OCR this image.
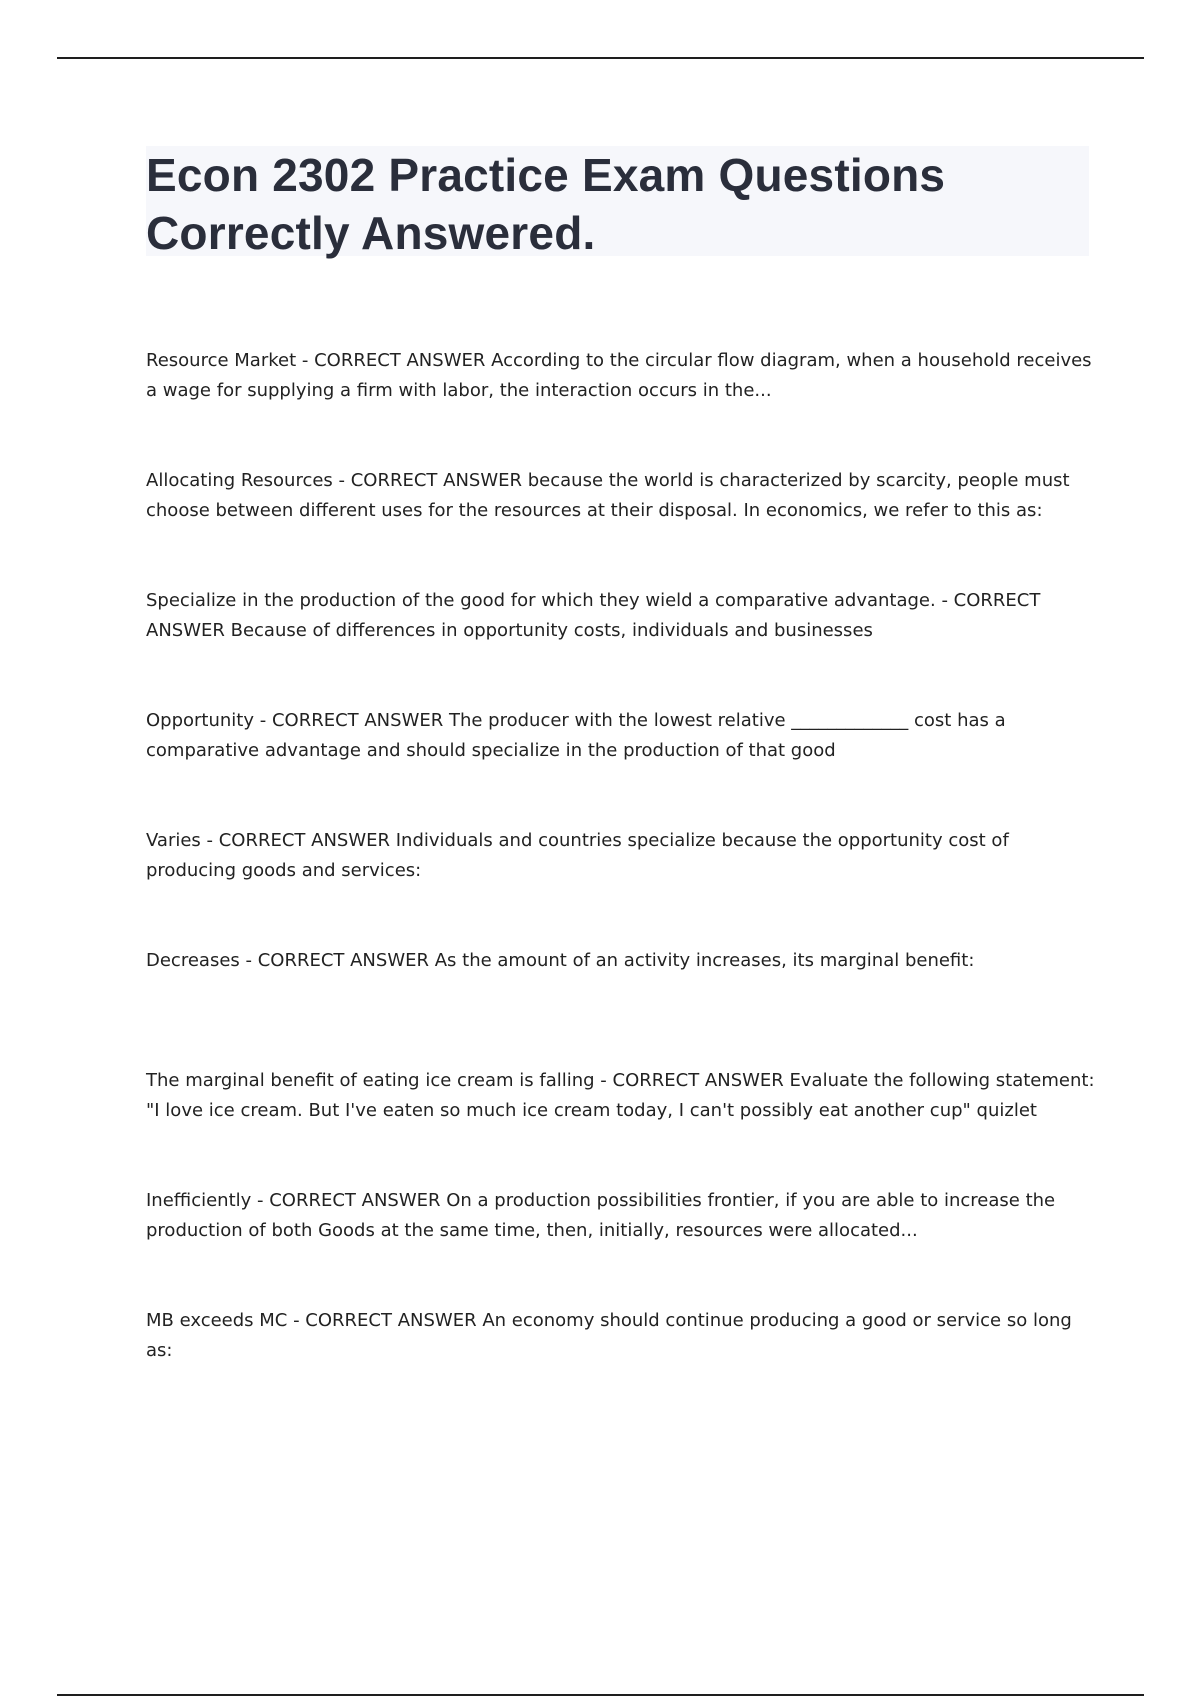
Econ 2302 Practice Exam Questions
Correctly Answered.

Resource Market - CORRECT ANSWER According to the circular flow diagram, when a household receives a wage for supplying a firm with labor, the interaction occurs in the...

Allocating Resources - CORRECT ANSWER because the world is characterized by scarcity, people must choose between different uses for the resources at their disposal. In economics, we refer to this as:

Specialize in the production of the good for which they wield a comparative advantage. - CORRECT ANSWER Because of differences in opportunity costs, individuals and businesses

Opportunity - CORRECT ANSWER The producer with the lowest relative _____________ cost has a comparative advantage and should specialize in the production of that good

Varies - CORRECT ANSWER Individuals and countries specialize because the opportunity cost of producing goods and services:

Decreases - CORRECT ANSWER As the amount of an activity increases, its marginal benefit:

The marginal benefit of eating ice cream is falling - CORRECT ANSWER Evaluate the following statement: "I love ice cream. But I've eaten so much ice cream today, I can't possibly eat another cup" quizlet

Inefficiently - CORRECT ANSWER On a production possibilities frontier, if you are able to increase the production of both Goods at the same time, then, initially, resources were allocated...

MB exceeds MC - CORRECT ANSWER An economy should continue producing a good or service so long as:
